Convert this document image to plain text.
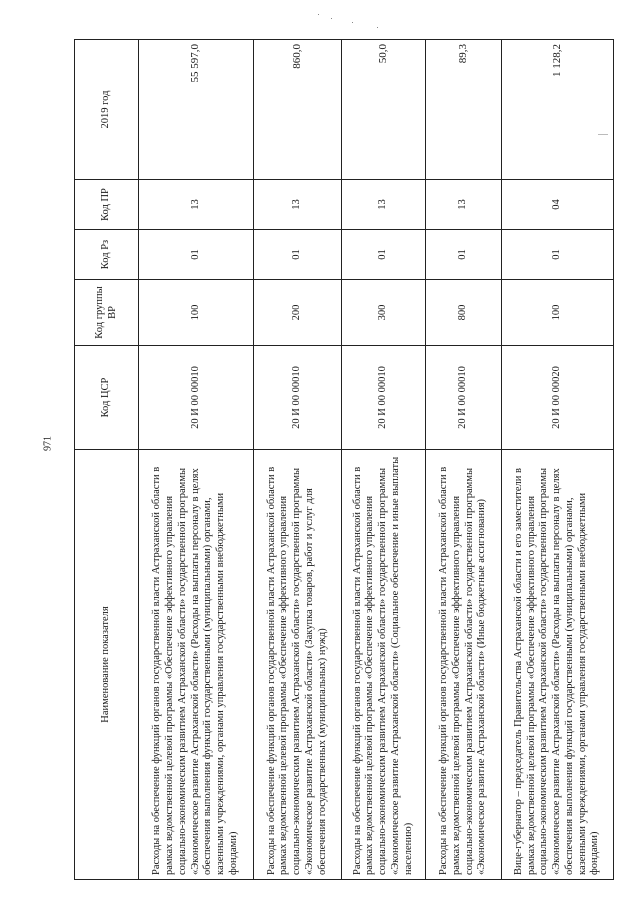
971
Наименование показателя	Код ЦСР	Код группы ВР	Код Рз	Код ПР	2019 год
Расходы на обеспечение функций органов государственной власти Астраханской области в рамках ведомственной целевой программы «Обеспечение эффективного управления социально-экономическим развитием Астраханской области» государственной программы «Экономическое развитие Астраханской области» (Расходы на выплаты персоналу в целях обеспечения выполнения функций государственными (муниципальными) органами, казенными учреждениями, органами управления государственными внебюджетными фондами)	20 И 00 00010	100	01	13	55 597,0
Расходы на обеспечение функций органов государственной власти Астраханской области в рамках ведомственной целевой программы «Обеспечение эффективного управления социально-экономическим развитием Астраханской области» государственной программы «Экономическое развитие Астраханской области» (Закупка товаров, работ и услуг для обеспечения государственных (муниципальных) нужд)	20 И 00 00010	200	01	13	860,0
Расходы на обеспечение функций органов государственной власти Астраханской области в рамках ведомственной целевой программы «Обеспечение эффективного управления социально-экономическим развитием Астраханской области» государственной программы «Экономическое развитие Астраханской области» (Социальное обеспечение и иные выплаты населению)	20 И 00 00010	300	01	13	50,0
Расходы на обеспечение функций органов государственной власти Астраханской области в рамках ведомственной целевой программы «Обеспечение эффективного управления социально-экономическим развитием Астраханской области» государственной программы «Экономическое развитие Астраханской области» (Иные бюджетные ассигнования)	20 И 00 00010	800	01	13	89,3
Вице-губернатор – председатель Правительства Астраханской области и его заместители в рамках ведомственной целевой программы «Обеспечение эффективного управления социально-экономическим развитием Астраханской области» государственной программы «Экономическое развитие Астраханской области» (Расходы на выплаты персоналу в целях обеспечения выполнения функций государственными (муниципальными) органами, казенными учреждениями, органами управления государственными внебюджетными фондами)	20 И 00 00020	100	01	04	1 128,2
